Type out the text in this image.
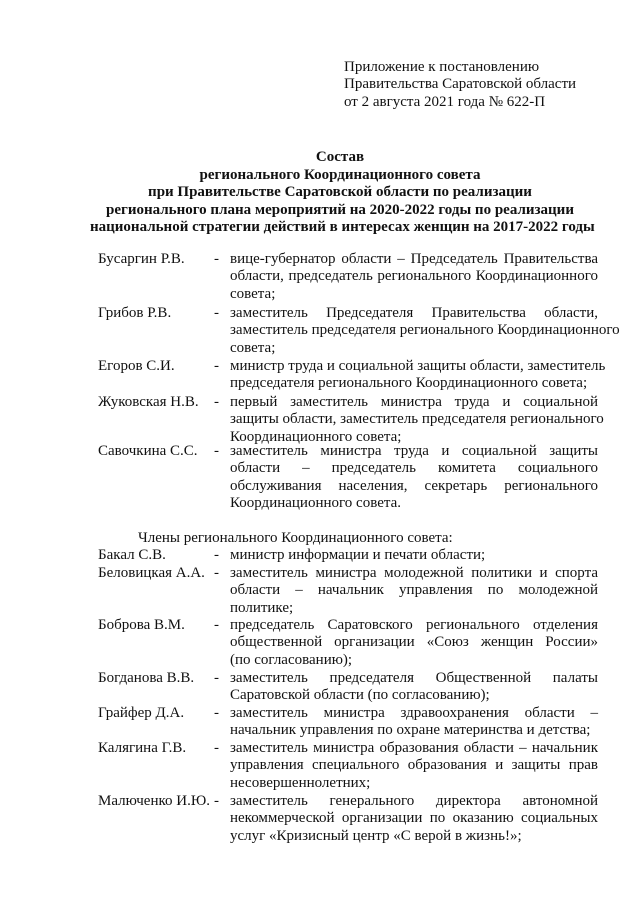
Приложение к постановлению
Правительства Саратовской области
от 2 августа 2021 года № 622-П
Состав
регионального Координационного совета
при Правительстве Саратовской области по реализации
регионального плана мероприятий на 2020-2022 годы по реализации
национальной стратегии действий в интересах женщин на 2017-2022 годы
Бусаргин Р.В. - вице-губернатор области – Председатель Правительства
области, председатель регионального Координационного
совета;
Грибов Р.В.	- заместитель Председателя Правительства области,
заместитель председателя регионального Координационного
совета;
Егоров С.И.	- министр труда и социальной защиты области, заместитель
председателя регионального Координационного совета;
Жуковская Н.В. - первый заместитель министра труда и социальной
защиты области, заместитель председателя регионального
Координационного совета;
Савочкина С.С. - заместитель министра труда и социальной защиты
области – председатель комитета социального
обслуживания населения, секретарь регионального
Координационного совета.
Члены регионального Координационного совета:
Бакал С.В.	- министр информации и печати области;
Беловицкая А.А. - заместитель министра молодежной политики и спорта
области – начальник управления по молодежной
политике;
Боброва В.М. - председатель Саратовского регионального отделения
общественной организации «Союз женщин России»
(по согласованию);
Богданова В.В. - заместитель председателя Общественной палаты
Саратовской области (по согласованию);
Грайфер Д.А. - заместитель министра здравоохранения области –
начальник управления по охране материнства и детства;
Калягина Г.В. - заместитель министра образования области – начальник
управления специального образования и защиты прав
несовершеннолетних;
Малюченко И.Ю. - заместитель генерального директора автономной
некоммерческой организации по оказанию социальных
услуг «Кризисный центр «С верой в жизнь!»;
